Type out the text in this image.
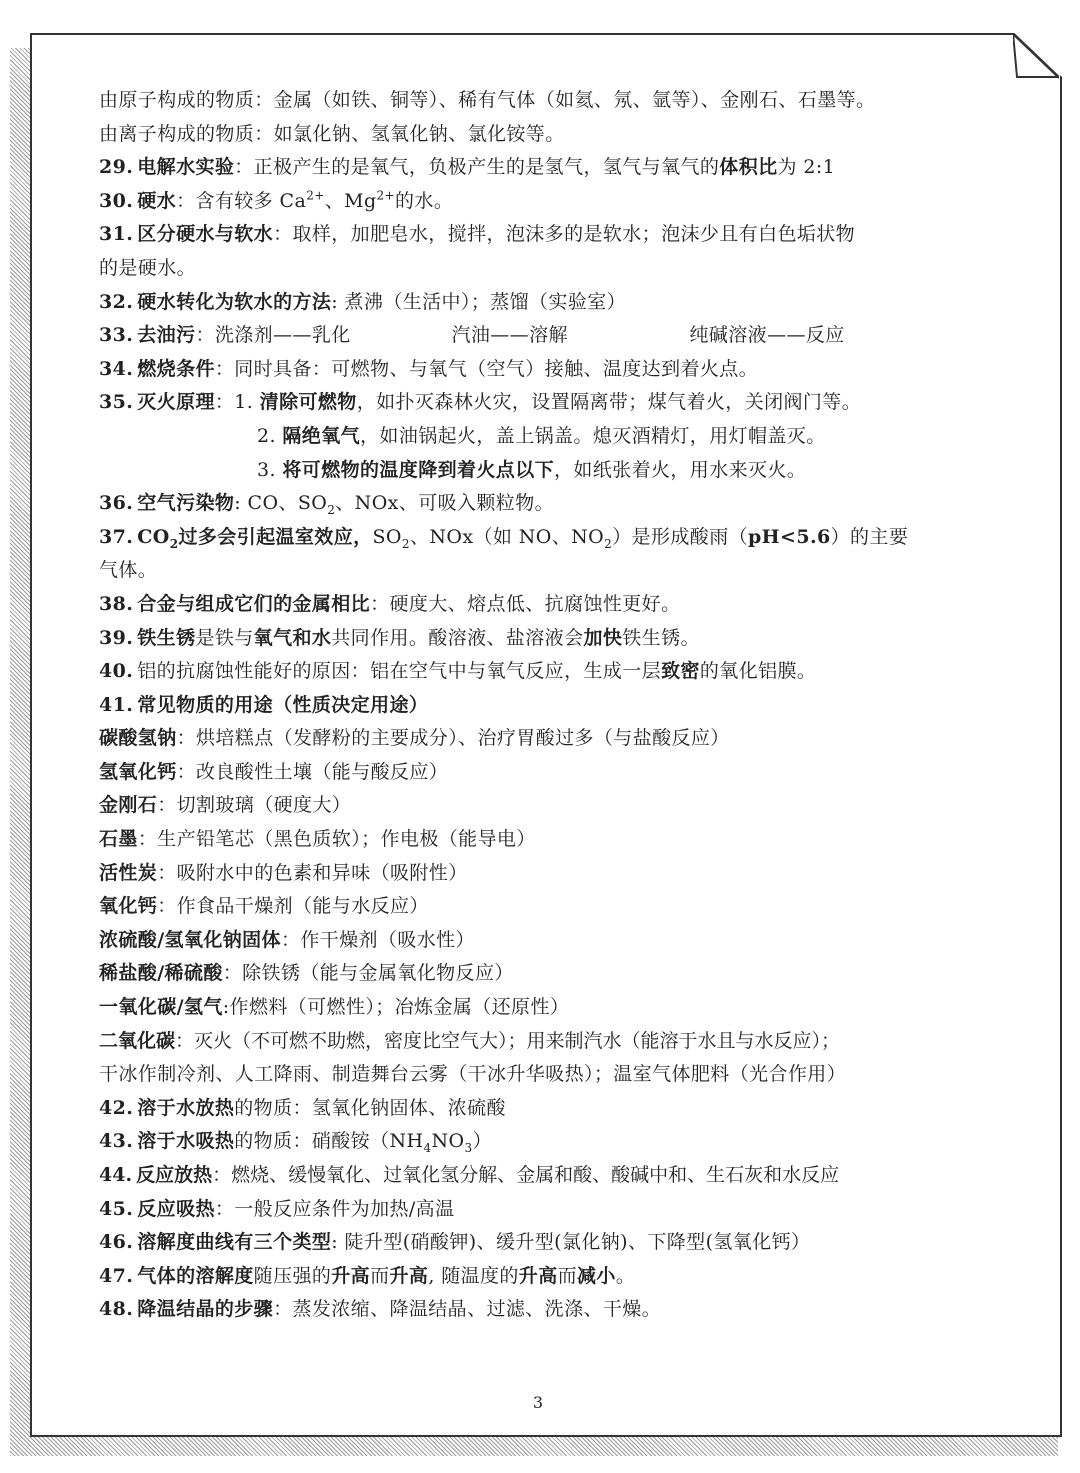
由原子构成的物质：金属（如铁、铜等）、稀有气体（如氦、氖、氩等）、金刚石、石墨等。
由离子构成的物质：如氯化钠、氢氧化钠、氯化铵等。
29. 电解水实验：正极产生的是氧气，负极产生的是氢气，氢气与氧气的体积比为 2:1
30. 硬水：含有较多 $Ca^{2+}$、$Mg^{2+}$的水。
31. 区分硬水与软水：取样，加肥皂水，搅拌，泡沫多的是软水；泡沫少且有白色垢状物
的是硬水。
32. 硬水转化为软水的方法: 煮沸（生活中）；蒸馏（实验室）
33. 去油污：洗涤剂——乳化	汽油——溶解	纯碱溶液——反应
34. 燃烧条件：同时具备：可燃物、与氧气（空气）接触、温度达到着火点。
35. 灭火原理：1. 清除可燃物，如扑灭森林火灾，设置隔离带；煤气着火，关闭阀门等。
2. 隔绝氧气，如油锅起火，盖上锅盖。熄灭酒精灯，用灯帽盖灭。
3. 将可燃物的温度降到着火点以下，如纸张着火，用水来灭火。
36. 空气污染物: CO、$SO_2$、NOx、可吸入颗粒物。
37. $CO_2$过多会引起温室效应，$SO_2$、NOx（如 NO、$NO_2$）是形成酸雨（pH<5.6）的主要
气体。
38. 合金与组成它们的金属相比：硬度大、熔点低、抗腐蚀性更好。
39. 铁生锈是铁与氧气和水共同作用。酸溶液、盐溶液会加快铁生锈。
40. 铝的抗腐蚀性能好的原因：铝在空气中与氧气反应，生成一层致密的氧化铝膜。
41. 常见物质的用途（性质决定用途）
碳酸氢钠：烘培糕点（发酵粉的主要成分）、治疗胃酸过多（与盐酸反应）
氢氧化钙：改良酸性土壤（能与酸反应）
金刚石：切割玻璃（硬度大）
石墨：生产铅笔芯（黑色质软）；作电极（能导电）
活性炭：吸附水中的色素和异味（吸附性）
氧化钙：作食品干燥剂（能与水反应）
浓硫酸/氢氧化钠固体：作干燥剂（吸水性）
稀盐酸/稀硫酸：除铁锈（能与金属氧化物反应）
一氧化碳/氢气:作燃料（可燃性）；冶炼金属（还原性）
二氧化碳：灭火（不可燃不助燃，密度比空气大）；用来制汽水（能溶于水且与水反应）；
干冰作制冷剂、人工降雨、制造舞台云雾（干冰升华吸热）；温室气体肥料（光合作用）
42. 溶于水放热的物质：氢氧化钠固体、浓硫酸
43. 溶于水吸热的物质：硝酸铵$(NH_4NO_3)$
44. 反应放热：燃烧、缓慢氧化、过氧化氢分解、金属和酸、酸碱中和、生石灰和水反应
45. 反应吸热：一般反应条件为加热/高温
46. 溶解度曲线有三个类型: 陡升型(硝酸钾)、缓升型(氯化钠)、下降型(氢氧化钙）
47. 气体的溶解度随压强的升高而升高, 随温度的升高而减小。
48. 降温结晶的步骤：蒸发浓缩、降温结晶、过滤、洗涤、干燥。
3
